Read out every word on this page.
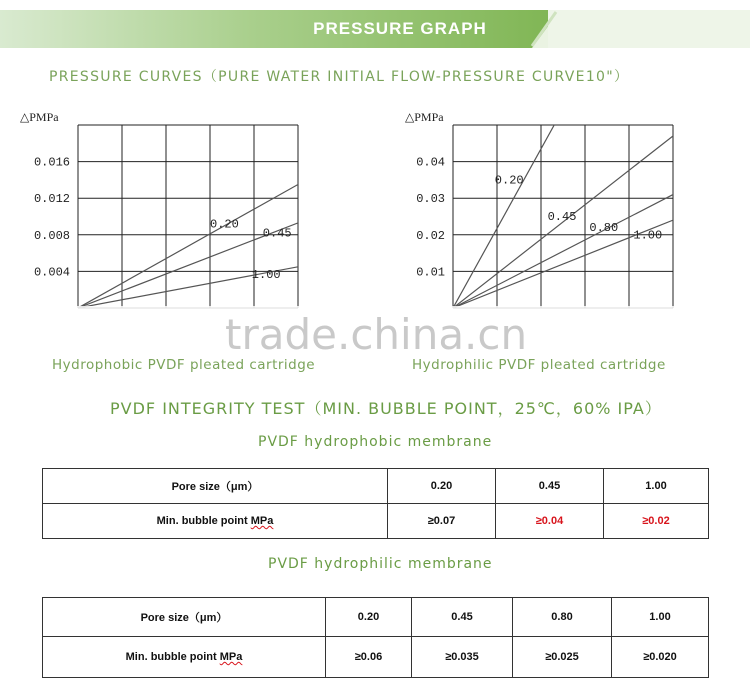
PRESSURE GRAPH
PRESSURE CURVES（PURE WATER INITIAL FLOW-PRESSURE CURVE10"）
△PMPa
0.004
0.008
0.012
0.016
0.20
0.45
1.00
Hydrophobic PVDF pleated cartridge
△PMPa
0.01
0.02
0.03
0.04
0.20
0.45
0.80
1.00
Hydrophilic PVDF pleated cartridge
trade.china.cn
PVDF INTEGRITY TEST（MIN. BUBBLE POINT，25℃，60% IPA）
PVDF hydrophobic membrane
Pore size（μm）	0.20	0.45	1.00
Min. bubble point MPa	≥0.07	≥0.04	≥0.02
PVDF hydrophilic membrane
Pore size（μm）	0.20	0.45	0.80	1.00
Min. bubble point MPa	≥0.06	≥0.035	≥0.025	≥0.020
